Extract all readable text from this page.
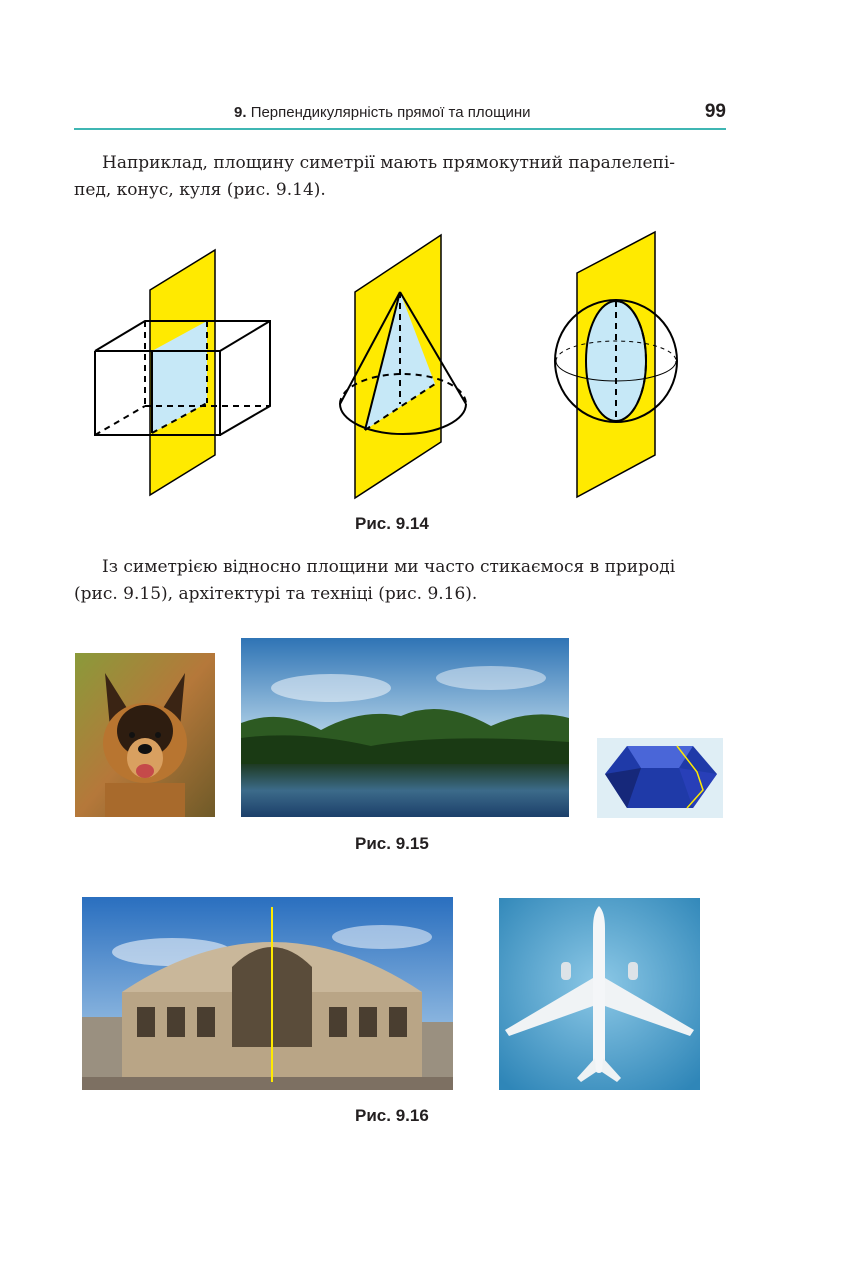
9. Перпендикулярність прямої та площини	99
Наприклад, площину симетрії мають прямокутний паралелепі-
пед, конус, куля (рис. 9.14).
Рис. 9.14
Із симетрією відносно площини ми часто стикаємося в природі
(рис. 9.15), архітектурі та техніці (рис. 9.16).
Рис. 9.15
Рис. 9.16
